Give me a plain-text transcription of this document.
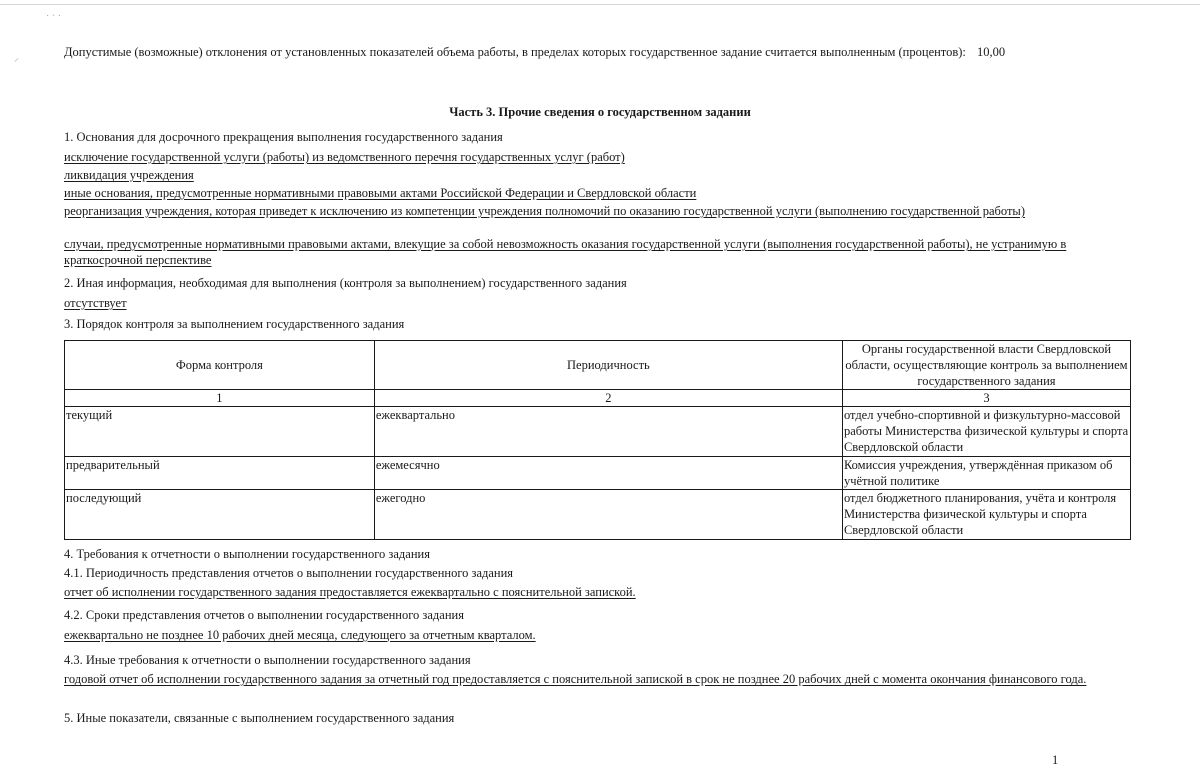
˙ ` ˙
⸝	Допустимые (возможные) отклонения от установленных показателей объема работы, в пределах которых государственное задание считается выполненным (процентов): 10,00
Часть 3. Прочие сведения о государственном задании
1. Основания для досрочного прекращения выполнения государственного задания
исключение государственной услуги (работы) из ведомственного перечня государственных услуг (работ)
ликвидация учреждения
иные основания, предусмотренные нормативными правовыми актами Российской Федерации и Свердловской области
реорганизация учреждения, которая приведет к исключению из компетенции учреждения полномочий по оказанию государственной услуги (выполнению государственной работы)
случаи, предусмотренные нормативными правовыми актами, влекущие за собой невозможность оказания государственной услуги (выполнения государственной работы), не устранимую в краткосрочной перспективе
2. Иная информация, необходимая для выполнения (контроля за выполнением) государственного задания
отсутствует
3. Порядок контроля за выполнением государственного задания
Форма контроля	Периодичность	Органы государственной власти Свердловской области, осуществляющие контроль за выполнением государственного задания
1	2	3
текущий	ежеквартально	отдел учебно-спортивной и физкультурно-массовой работы Министерства физической культуры и спорта Свердловской области
предварительный	ежемесячно	Комиссия учреждения, утверждённая приказом об учётной политике
последующий	ежегодно	отдел бюджетного планирования, учёта и контроля Министерства физической культуры и спорта Свердловской области
4. Требования к отчетности о выполнении государственного задания
4.1. Периодичность представления отчетов о выполнении государственного задания
отчет об исполнении государственного задания предоставляется ежеквартально с пояснительной запиской.
4.2. Сроки представления отчетов о выполнении государственного задания
ежеквартально не позднее 10 рабочих дней месяца, следующего за отчетным кварталом.
4.3. Иные требования к отчетности о выполнении государственного задания
годовой отчет об исполнении государственного задания за отчетный год предоставляется с пояснительной запиской в срок не позднее 20 рабочих дней с момента окончания финансового года.
5. Иные показатели, связанные с выполнением государственного задания
1
